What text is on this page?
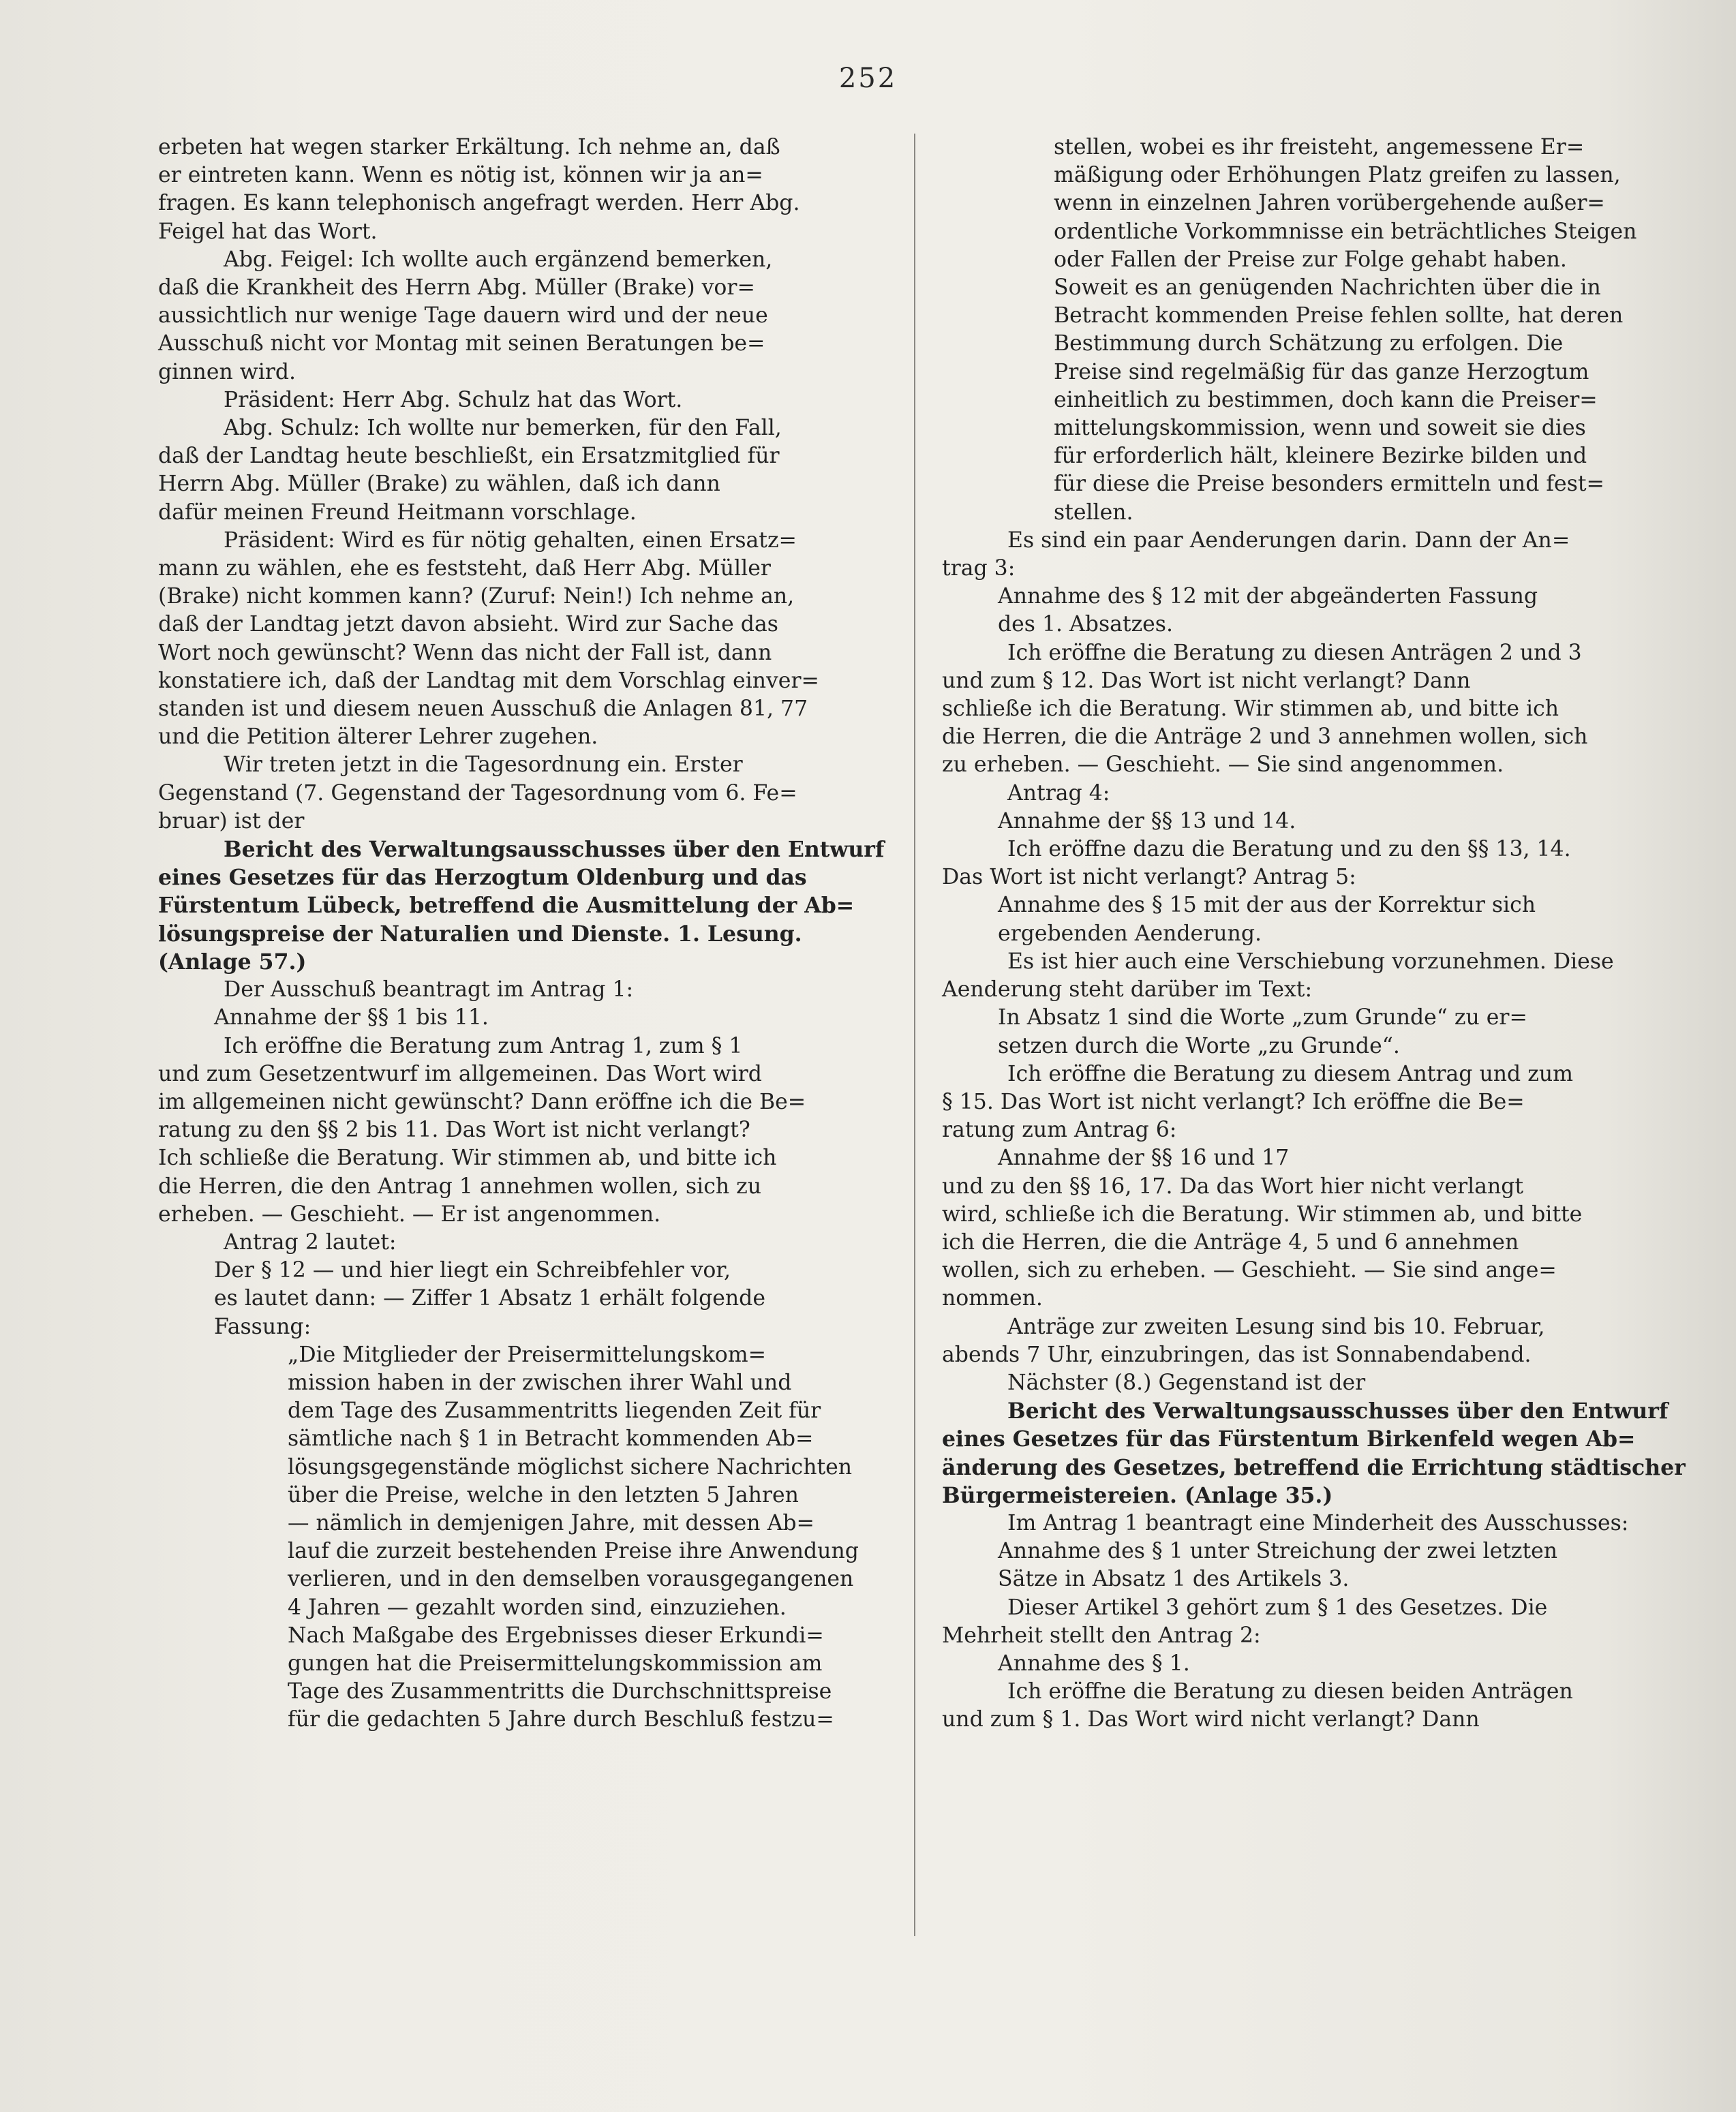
252

erbeten hat wegen starker Erkältung. Ich nehme an, daß
er eintreten kann. Wenn es nötig ist, können wir ja an=
fragen. Es kann telephonisch angefragt werden. Herr Abg.
Feigel hat das Wort.

Abg. Feigel: Ich wollte auch ergänzend bemerken,
daß die Krankheit des Herrn Abg. Müller (Brake) vor=
aussichtlich nur wenige Tage dauern wird und der neue
Ausschuß nicht vor Montag mit seinen Beratungen be=
ginnen wird.

Präsident: Herr Abg. Schulz hat das Wort.

Abg. Schulz: Ich wollte nur bemerken, für den Fall,
daß der Landtag heute beschließt, ein Ersatzmitglied für
Herrn Abg. Müller (Brake) zu wählen, daß ich dann
dafür meinen Freund Heitmann vorschlage.

Präsident: Wird es für nötig gehalten, einen Ersatz=
mann zu wählen, ehe es feststeht, daß Herr Abg. Müller
(Brake) nicht kommen kann? (Zuruf: Nein!) Ich nehme an,
daß der Landtag jetzt davon absieht. Wird zur Sache das
Wort noch gewünscht? Wenn das nicht der Fall ist, dann
konstatiere ich, daß der Landtag mit dem Vorschlag einver=
standen ist und diesem neuen Ausschuß die Anlagen 81, 77
und die Petition älterer Lehrer zugehen.

Wir treten jetzt in die Tagesordnung ein. Erster
Gegenstand (7. Gegenstand der Tagesordnung vom 6. Fe=
bruar) ist der

Bericht des Verwaltungsausschusses über den Entwurf
eines Gesetzes für das Herzogtum Oldenburg und das
Fürstentum Lübeck, betreffend die Ausmittelung der Ab=
lösungspreise der Naturalien und Dienste. 1. Lesung.
(Anlage 57.)

Der Ausschuß beantragt im Antrag 1:

Annahme der §§ 1 bis 11.

Ich eröffne die Beratung zum Antrag 1, zum § 1
und zum Gesetzentwurf im allgemeinen. Das Wort wird
im allgemeinen nicht gewünscht? Dann eröffne ich die Be=
ratung zu den §§ 2 bis 11. Das Wort ist nicht verlangt?
Ich schließe die Beratung. Wir stimmen ab, und bitte ich
die Herren, die den Antrag 1 annehmen wollen, sich zu
erheben. — Geschieht. — Er ist angenommen.

Antrag 2 lautet:

Der § 12 — und hier liegt ein Schreibfehler vor,
es lautet dann: — Ziffer 1 Absatz 1 erhält folgende
Fassung:

„Die Mitglieder der Preisermittelungskom=
mission haben in der zwischen ihrer Wahl und
dem Tage des Zusammentritts liegenden Zeit für
sämtliche nach § 1 in Betracht kommenden Ab=
lösungsgegenstände möglichst sichere Nachrichten
über die Preise, welche in den letzten 5 Jahren
— nämlich in demjenigen Jahre, mit dessen Ab=
lauf die zurzeit bestehenden Preise ihre Anwendung
verlieren, und in den demselben vorausgegangenen
4 Jahren — gezahlt worden sind, einzuziehen.
Nach Maßgabe des Ergebnisses dieser Erkundi=
gungen hat die Preisermittelungskommission am
Tage des Zusammentritts die Durchschnittspreise
für die gedachten 5 Jahre durch Beschluß festzu=

stellen, wobei es ihr freisteht, angemessene Er=
mäßigung oder Erhöhungen Platz greifen zu lassen,
wenn in einzelnen Jahren vorübergehende außer=
ordentliche Vorkommnisse ein beträchtliches Steigen
oder Fallen der Preise zur Folge gehabt haben.
Soweit es an genügenden Nachrichten über die in
Betracht kommenden Preise fehlen sollte, hat deren
Bestimmung durch Schätzung zu erfolgen. Die
Preise sind regelmäßig für das ganze Herzogtum
einheitlich zu bestimmen, doch kann die Preiser=
mittelungskommission, wenn und soweit sie dies
für erforderlich hält, kleinere Bezirke bilden und
für diese die Preise besonders ermitteln und fest=
stellen.

Es sind ein paar Aenderungen darin. Dann der An=
trag 3:

Annahme des § 12 mit der abgeänderten Fassung
des 1. Absatzes.

Ich eröffne die Beratung zu diesen Anträgen 2 und 3
und zum § 12. Das Wort ist nicht verlangt? Dann
schließe ich die Beratung. Wir stimmen ab, und bitte ich
die Herren, die die Anträge 2 und 3 annehmen wollen, sich
zu erheben. — Geschieht. — Sie sind angenommen.

Antrag 4:

Annahme der §§ 13 und 14.

Ich eröffne dazu die Beratung und zu den §§ 13, 14.
Das Wort ist nicht verlangt? Antrag 5:

Annahme des § 15 mit der aus der Korrektur sich
ergebenden Aenderung.

Es ist hier auch eine Verschiebung vorzunehmen. Diese
Aenderung steht darüber im Text:

In Absatz 1 sind die Worte „zum Grunde“ zu er=
setzen durch die Worte „zu Grunde“.

Ich eröffne die Beratung zu diesem Antrag und zum
§ 15. Das Wort ist nicht verlangt? Ich eröffne die Be=
ratung zum Antrag 6:

Annahme der §§ 16 und 17

und zu den §§ 16, 17. Da das Wort hier nicht verlangt
wird, schließe ich die Beratung. Wir stimmen ab, und bitte
ich die Herren, die die Anträge 4, 5 und 6 annehmen
wollen, sich zu erheben. — Geschieht. — Sie sind ange=
nommen.

Anträge zur zweiten Lesung sind bis 10. Februar,
abends 7 Uhr, einzubringen, das ist Sonnabendabend.

Nächster (8.) Gegenstand ist der

Bericht des Verwaltungsausschusses über den Entwurf
eines Gesetzes für das Fürstentum Birkenfeld wegen Ab=
änderung des Gesetzes, betreffend die Errichtung städtischer
Bürgermeistereien. (Anlage 35.)

Im Antrag 1 beantragt eine Minderheit des Ausschusses:

Annahme des § 1 unter Streichung der zwei letzten
Sätze in Absatz 1 des Artikels 3.

Dieser Artikel 3 gehört zum § 1 des Gesetzes. Die
Mehrheit stellt den Antrag 2:

Annahme des § 1.

Ich eröffne die Beratung zu diesen beiden Anträgen
und zum § 1. Das Wort wird nicht verlangt? Dann
